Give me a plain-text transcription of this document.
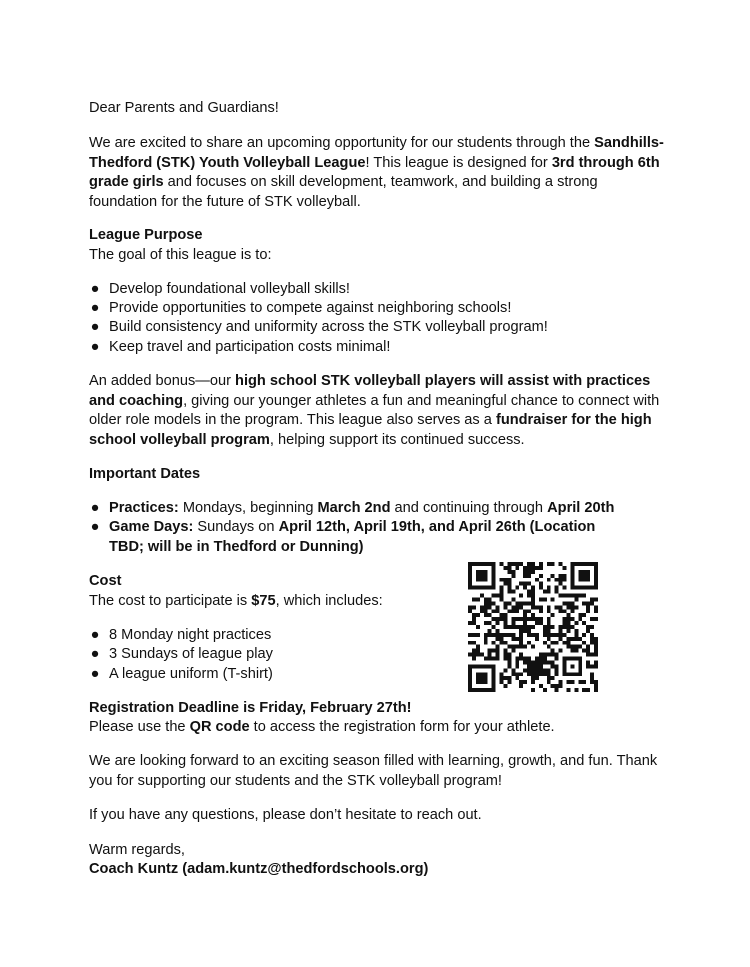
Dear Parents and Guardians!

We are excited to share an upcoming opportunity for our students through the Sandhills-Thedford (STK) Youth Volleyball League! This league is designed for 3rd through 6th grade girls and focuses on skill development, teamwork, and building a strong foundation for the future of STK volleyball.

League Purpose

The goal of this league is to:

● Develop foundational volleyball skills!
● Provide opportunities to compete against neighboring schools!
● Build consistency and uniformity across the STK volleyball program!
● Keep travel and participation costs minimal!

An added bonus—our high school STK volleyball players will assist with practices and coaching, giving our younger athletes a fun and meaningful chance to connect with older role models in the program. This league also serves as a fundraiser for the high school volleyball program, helping support its continued success.

Important Dates

● Practices: Mondays, beginning March 2nd and continuing through April 20th
● Game Days: Sundays on April 12th, April 19th, and April 26th (Location TBD; will be in Thedford or Dunning)

Cost

The cost to participate is $75, which includes:

● 8 Monday night practices
● 3 Sundays of league play
● A league uniform (T-shirt)

Registration Deadline is Friday, February 27th!

Please use the QR code to access the registration form for your athlete.

We are looking forward to an exciting season filled with learning, growth, and fun. Thank you for supporting our students and the STK volleyball program!

If you have any questions, please don’t hesitate to reach out.

Warm regards,

Coach Kuntz (adam.kuntz@thedfordschools.org)
